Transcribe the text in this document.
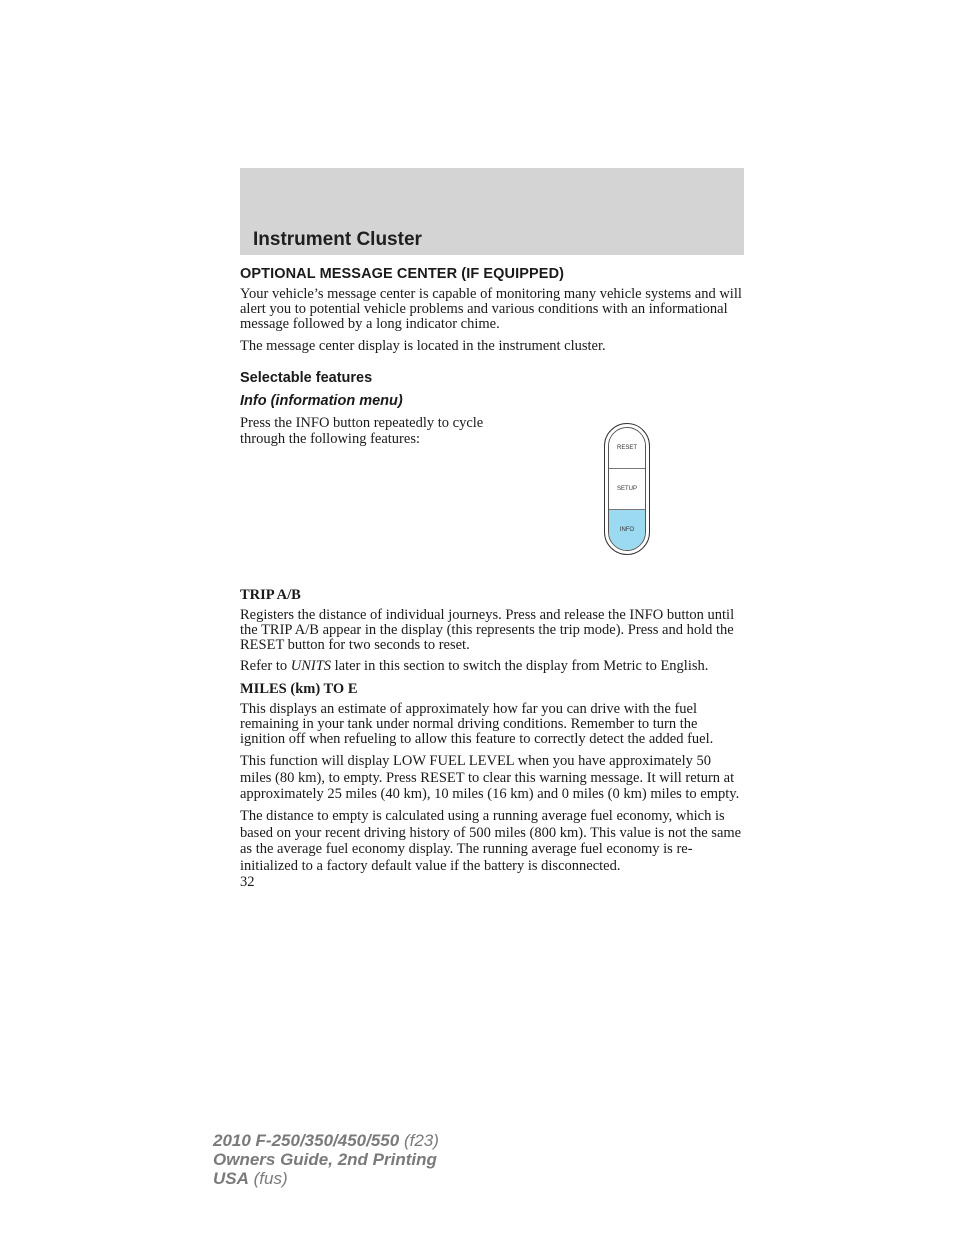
Instrument Cluster
OPTIONAL MESSAGE CENTER (IF EQUIPPED)

Your vehicle’s message center is capable of monitoring many vehicle systems and will alert you to potential vehicle problems and various conditions with an informational message followed by a long indicator chime.

The message center display is located in the instrument cluster.

Selectable features
Info (information menu)

Press the INFO button repeatedly to cycle through the following features:

RESET
SETUP
INFO
TRIP A/B

Registers the distance of individual journeys. Press and release the INFO button until the TRIP A/B appear in the display (this represents the trip mode). Press and hold the RESET button for two seconds to reset.

Refer to UNITS later in this section to switch the display from Metric to English.

MILES (km) TO E

This displays an estimate of approximately how far you can drive with the fuel remaining in your tank under normal driving conditions. Remember to turn the ignition off when refueling to allow this feature to correctly detect the added fuel.

This function will display LOW FUEL LEVEL when you have approximately 50 miles (80 km), to empty. Press RESET to clear this warning message. It will return at approximately 25 miles (40 km), 10 miles (16 km) and 0 miles (0 km) miles to empty.

The distance to empty is calculated using a running average fuel economy, which is based on your recent driving history of 500 miles (800 km). This value is not the same as the average fuel economy display. The running average fuel economy is re-initialized to a factory default value if the battery is disconnected.

32
2010 F-250/350/450/550 (f23)
Owners Guide, 2nd Printing
USA (fus)
